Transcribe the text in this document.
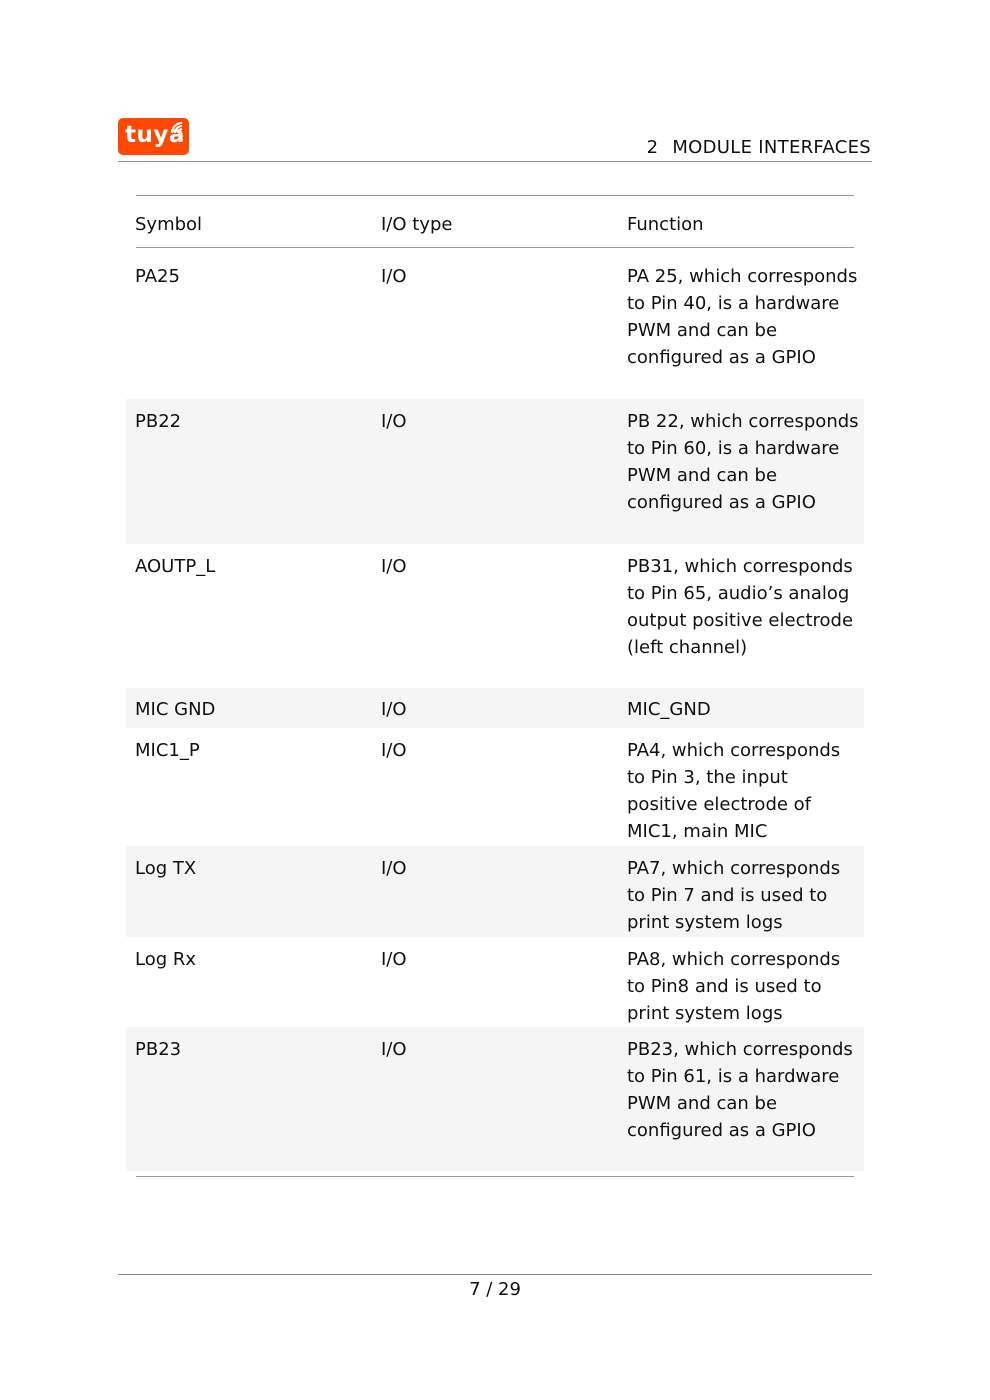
tuya	2 MODULE INTERFACES
Symbol	I/O type	Function
PA25	I/O	PA 25, which corresponds to Pin 40, is a hardware PWM and can be configured as a GPIO
PB22	I/O	PB 22, which corresponds to Pin 60, is a hardware PWM and can be configured as a GPIO
AOUTP_L	I/O	PB31, which corresponds to Pin 65, audio’s analog output positive electrode (left channel)
MIC GND	I/O	MIC_GND
MIC1_P	I/O	PA4, which corresponds to Pin 3, the input positive electrode of MIC1, main MIC
Log TX	I/O	PA7, which corresponds to Pin 7 and is used to print system logs
Log Rx	I/O	PA8, which corresponds to Pin8 and is used to print system logs
PB23	I/O	PB23, which corresponds to Pin 61, is a hardware PWM and can be configured as a GPIO
7 / 29
